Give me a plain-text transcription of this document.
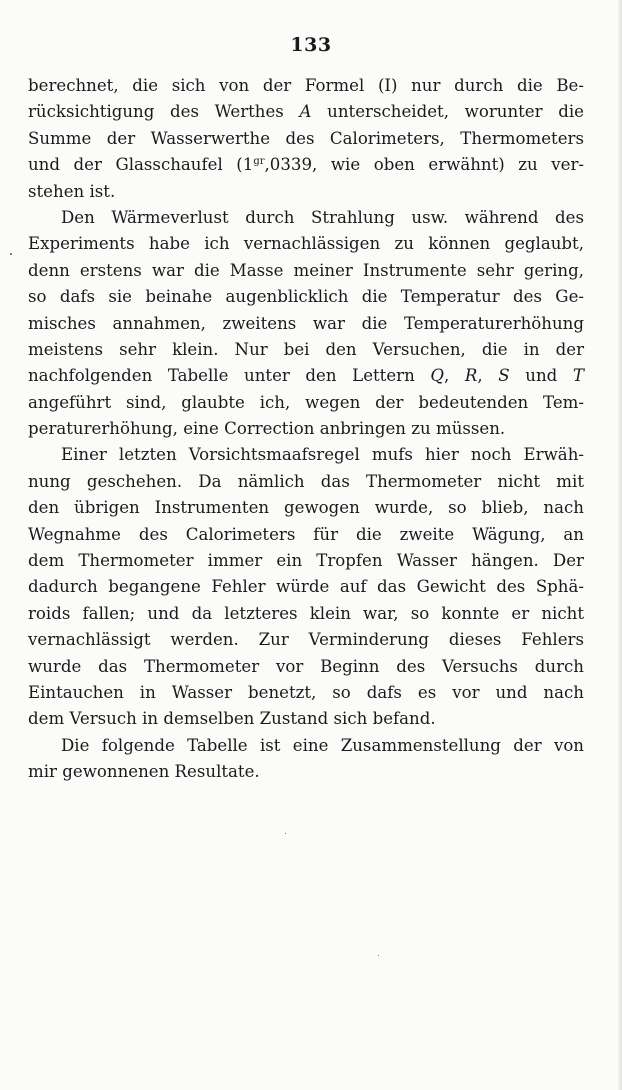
133
berechnet, die sich von der Formel (I) nur durch die Be-
rücksichtigung des Werthes A unterscheidet, worunter die
Summe der Wasserwerthe des Calorimeters, Thermometers
und der Glasschaufel ($1^{gr},0339$, wie oben erwähnt) zu ver-
stehen ist.
Den Wärmeverlust durch Strahlung usw. während des
Experiments habe ich vernachlässigen zu können geglaubt,
denn erstens war die Masse meiner Instrumente sehr gering,
so dafs sie beinahe augenblicklich die Temperatur des Ge-
misches annahmen, zweitens war die Temperaturerhöhung
meistens sehr klein. Nur bei den Versuchen, die in der
nachfolgenden Tabelle unter den Lettern Q, R, S und T
angeführt sind, glaubte ich, wegen der bedeutenden Tem-
peraturerhöhung, eine Correction anbringen zu müssen.
Einer letzten Vorsichtsmaafsregel mufs hier noch Erwäh-
nung geschehen. Da nämlich das Thermometer nicht mit
den übrigen Instrumenten gewogen wurde, so blieb, nach
Wegnahme des Calorimeters für die zweite Wägung, an
dem Thermometer immer ein Tropfen Wasser hängen. Der
dadurch begangene Fehler würde auf das Gewicht des Sphä-
roids fallen; und da letzteres klein war, so konnte er nicht
vernachlässigt werden. Zur Verminderung dieses Fehlers
wurde das Thermometer vor Beginn des Versuchs durch
Eintauchen in Wasser benetzt, so dafs es vor und nach
dem Versuch in demselben Zustand sich befand.
Die folgende Tabelle ist eine Zusammenstellung der von
mir gewonnenen Resultate.
